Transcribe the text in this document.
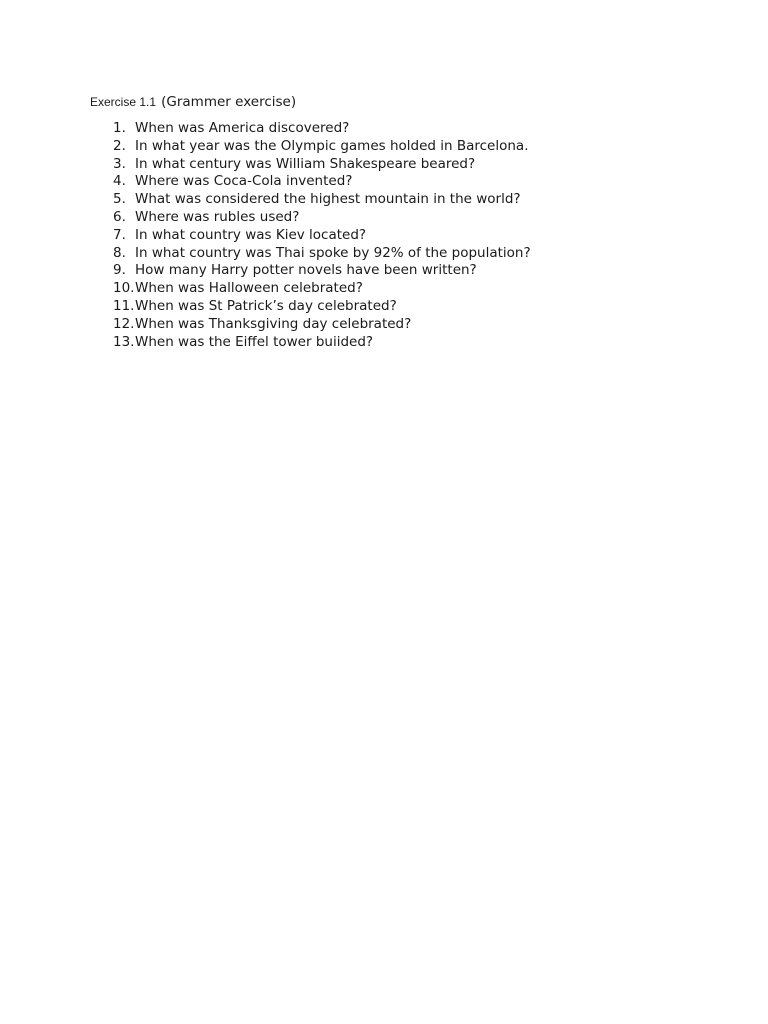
Exercise 1.1 (Grammer exercise)
1. When was America discovered?
2. In what year was the Olympic games holded in Barcelona.
3. In what century was William Shakespeare beared?
4. Where was Coca-Cola invented?
5. What was considered the highest mountain in the world?
6. Where was rubles used?
7. In what country was Kiev located?
8. In what country was Thai spoke by 92% of the population?
9. How many Harry potter novels have been written?
10. When was Halloween celebrated?
11. When was St Patrick’s day celebrated?
12. When was Thanksgiving day celebrated?
13. When was the Eiffel tower buiided?
